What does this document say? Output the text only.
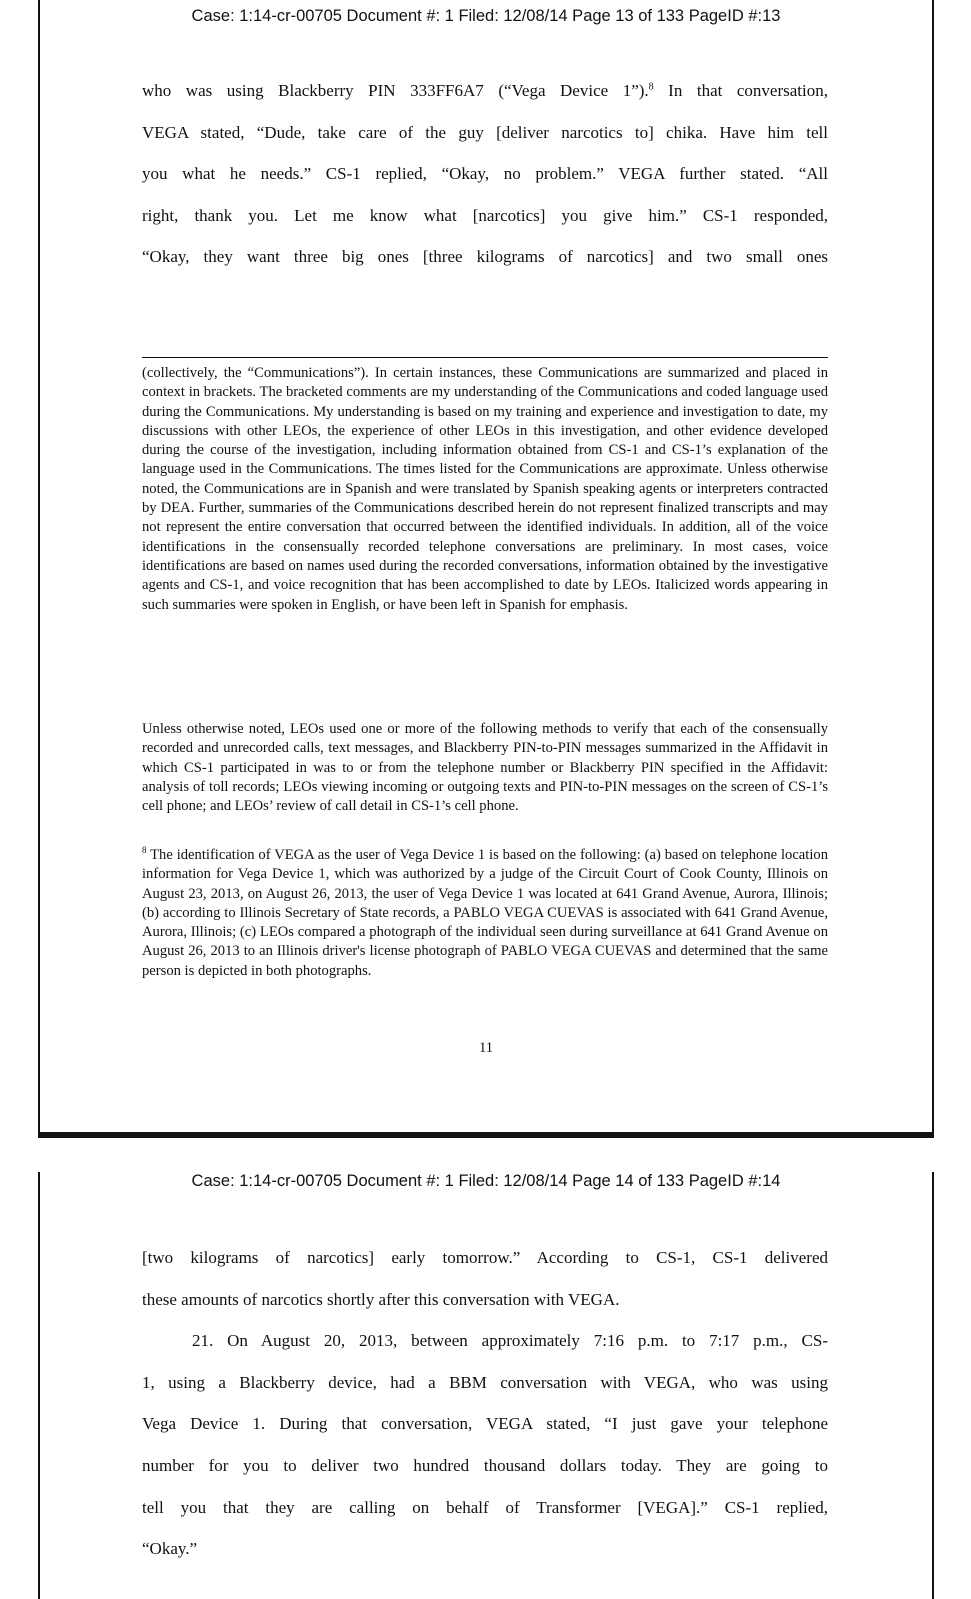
Case: 1:14-cr-00705 Document #: 1 Filed: 12/08/14 Page 13 of 133 PageID #:13
who was using Blackberry PIN 333FF6A7 (“Vega Device 1”).$^8$ In that conversation,
VEGA stated, “Dude, take care of the guy [deliver narcotics to] chika. Have him tell
you what he needs.” CS-1 replied, “Okay, no problem.” VEGA further stated. “All
right, thank you. Let me know what [narcotics] you give him.” CS-1 responded,
“Okay, they want three big ones [three kilograms of narcotics] and two small ones

(collectively, the “Communications”). In certain instances, these Communications are summarized and placed in context in brackets. The bracketed comments are my understanding of the Communications and coded language used during the Communications. My understanding is based on my training and experience and investigation to date, my discussions with other LEOs, the experience of other LEOs in this investigation, and other evidence developed during the course of the investigation, including information obtained from CS-1 and CS-1’s explanation of the language used in the Communications. The times listed for the Communications are approximate. Unless otherwise noted, the Communications are in Spanish and were translated by Spanish speaking agents or interpreters contracted by DEA. Further, summaries of the Communications described herein do not represent finalized transcripts and may not represent the entire conversation that occurred between the identified individuals. In addition, all of the voice identifications in the consensually recorded telephone conversations are preliminary. In most cases, voice identifications are based on names used during the recorded conversations, information obtained by the investigative agents and CS-1, and voice recognition that has been accomplished to date by LEOs. Italicized words appearing in such summaries were spoken in English, or have been left in Spanish for emphasis.

Unless otherwise noted, LEOs used one or more of the following methods to verify that each of the consensually recorded and unrecorded calls, text messages, and Blackberry PIN-to-PIN messages summarized in the Affidavit in which CS-1 participated in was to or from the telephone number or Blackberry PIN specified in the Affidavit: analysis of toll records; LEOs viewing incoming or outgoing texts and PIN-to-PIN messages on the screen of CS-1’s cell phone; and LEOs’ review of call detail in CS-1’s cell phone.

$^8$ The identification of VEGA as the user of Vega Device 1 is based on the following: (a) based on telephone location information for Vega Device 1, which was authorized by a judge of the Circuit Court of Cook County, Illinois on August 23, 2013, on August 26, 2013, the user of Vega Device 1 was located at 641 Grand Avenue, Aurora, Illinois; (b) according to Illinois Secretary of State records, a PABLO VEGA CUEVAS is associated with 641 Grand Avenue, Aurora, Illinois; (c) LEOs compared a photograph of the individual seen during surveillance at 641 Grand Avenue on August 26, 2013 to an Illinois driver's license photograph of PABLO VEGA CUEVAS and determined that the same person is depicted in both photographs.

11
Case: 1:14-cr-00705 Document #: 1 Filed: 12/08/14 Page 14 of 133 PageID #:14
[two kilograms of narcotics] early tomorrow.” According to CS-1, CS-1 delivered
these amounts of narcotics shortly after this conversation with VEGA.
21. On August 20, 2013, between approximately 7:16 p.m. to 7:17 p.m., CS-
1, using a Blackberry device, had a BBM conversation with VEGA, who was using
Vega Device 1. During that conversation, VEGA stated, “I just gave your telephone
number for you to deliver two hundred thousand dollars today. They are going to
tell you that they are calling on behalf of Transformer [VEGA].” CS-1 replied,
“Okay.”
